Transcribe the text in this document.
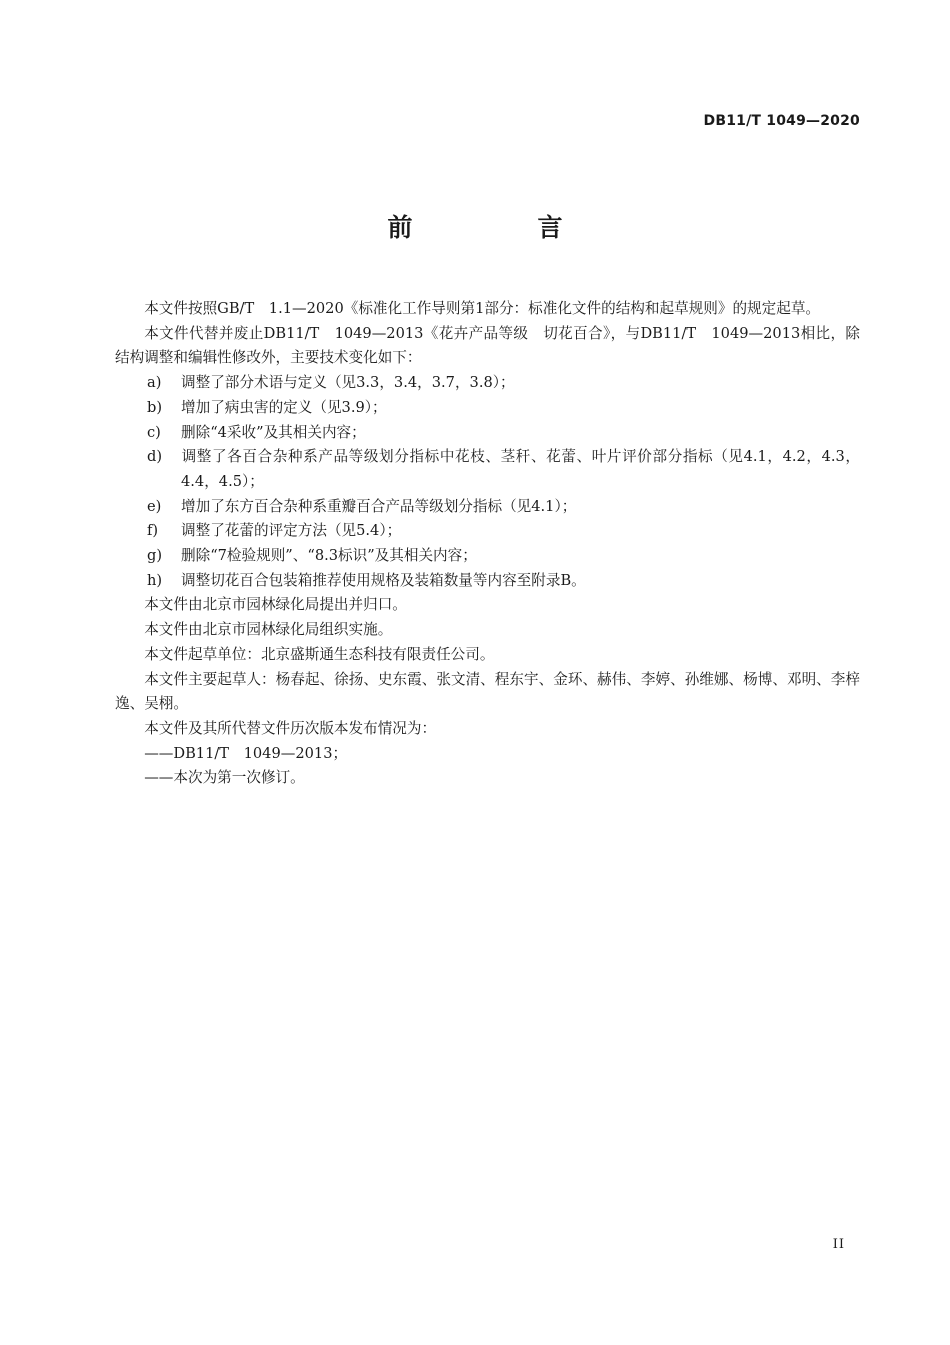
DB11/T 1049—2020
前　言

本文件按照GB/T　1.1—2020《标准化工作导则第1部分：标准化文件的结构和起草规则》的规定起草。

本文件代替并废止DB11/T　1049—2013《花卉产品等级　切花百合》，与DB11/T　1049—2013相比，除结构调整和编辑性修改外，主要技术变化如下：

a) 调整了部分术语与定义（见3.3，3.4，3.7，3.8）；

b) 增加了病虫害的定义（见3.9）；

c) 删除“4采收”及其相关内容；

d) 调整了各百合杂种系产品等级划分指标中花枝、茎秆、花蕾、叶片评价部分指标（见4.1，4.2，4.3，4.4，4.5）；

e) 增加了东方百合杂种系重瓣百合产品等级划分指标（见4.1）；

f) 调整了花蕾的评定方法（见5.4）；

g) 删除“7检验规则”、“8.3标识”及其相关内容；

h) 调整切花百合包装箱推荐使用规格及装箱数量等内容至附录B。

本文件由北京市园林绿化局提出并归口。

本文件由北京市园林绿化局组织实施。

本文件起草单位：北京盛斯通生态科技有限责任公司。

本文件主要起草人：杨春起、徐扬、史东霞、张文清、程东宇、金环、赫伟、李婷、孙维娜、杨博、邓明、李梓逸、吴栩。

本文件及其所代替文件历次版本发布情况为：

——DB11/T　1049—2013；

——本次为第一次修订。

II
